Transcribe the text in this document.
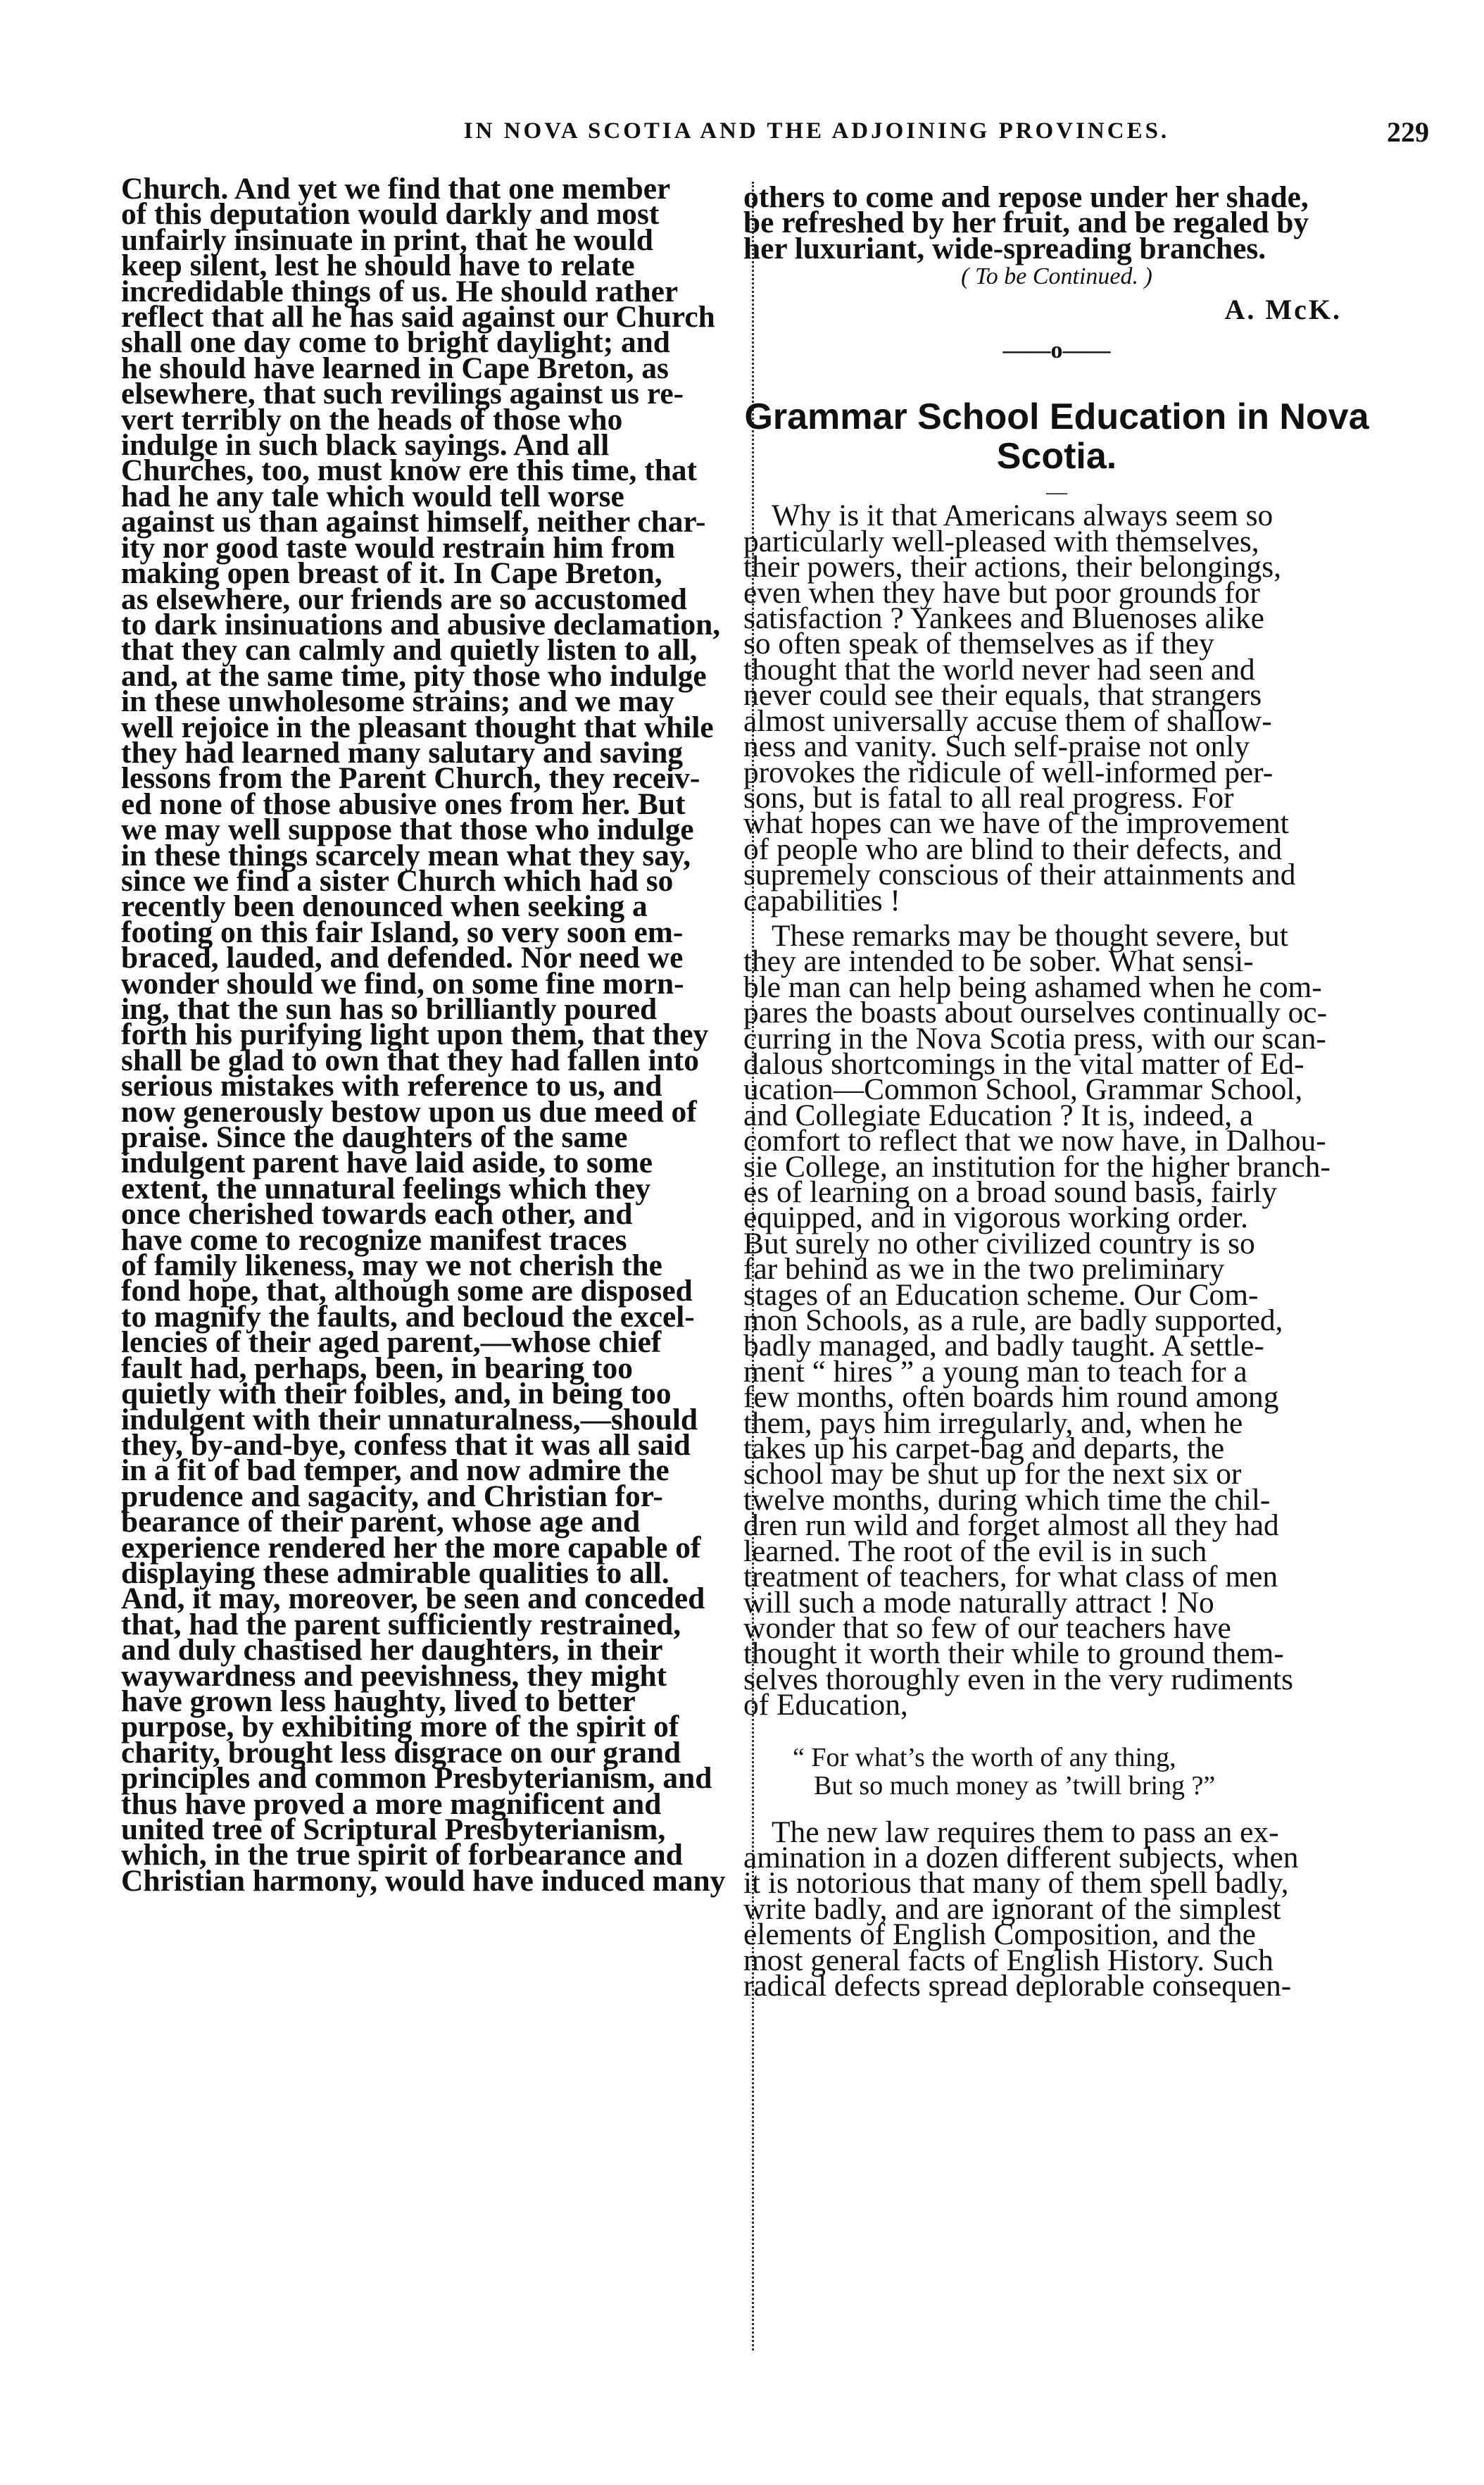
IN NOVA SCOTIA AND THE ADJOINING PROVINCES.	229
Church. And yet we find that one member
of this deputation would darkly and most
unfairly insinuate in print, that he would
keep silent, lest he should have to relate
incredidable things of us. He should rather
reflect that all he has said against our Church
shall one day come to bright daylight; and
he should have learned in Cape Breton, as
elsewhere, that such revilings against us re-
vert terribly on the heads of those who
indulge in such black sayings. And all
Churches, too, must know ere this time, that
had he any tale which would tell worse
against us than against himself, neither char-
ity nor good taste would restrain him from
making open breast of it. In Cape Breton,
as elsewhere, our friends are so accustomed
to dark insinuations and abusive declamation,
that they can calmly and quietly listen to all,
and, at the same time, pity those who indulge
in these unwholesome strains; and we may
well rejoice in the pleasant thought that while
they had learned many salutary and saving
lessons from the Parent Church, they receiv-
ed none of those abusive ones from her. But
we may well suppose that those who indulge
in these things scarcely mean what they say,
since we find a sister Church which had so
recently been denounced when seeking a
footing on this fair Island, so very soon em-
braced, lauded, and defended. Nor need we
wonder should we find, on some fine morn-
ing, that the sun has so brilliantly poured
forth his purifying light upon them, that they
shall be glad to own that they had fallen into
serious mistakes with reference to us, and
now generously bestow upon us due meed of
praise. Since the daughters of the same
indulgent parent have laid aside, to some
extent, the unnatural feelings which they
once cherished towards each other, and
have come to recognize manifest traces
of family likeness, may we not cherish the
fond hope, that, although some are disposed
to magnify the faults, and becloud the excel-
lencies of their aged parent,—whose chief
fault had, perhaps, been, in bearing too
quietly with their foibles, and, in being too
indulgent with their unnaturalness,—should
they, by-and-bye, confess that it was all said
in a fit of bad temper, and now admire the
prudence and sagacity, and Christian for-
bearance of their parent, whose age and
experience rendered her the more capable of
displaying these admirable qualities to all.
And, it may, moreover, be seen and conceded
that, had the parent sufficiently restrained,
and duly chastised her daughters, in their
waywardness and peevishness, they might
have grown less haughty, lived to better
purpose, by exhibiting more of the spirit of
charity, brought less disgrace on our grand
principles and common Presbyterianism, and
thus have proved a more magnificent and
united tree of Scriptural Presbyterianism,
which, in the true spirit of forbearance and
Christian harmony, would have induced many
others to come and repose under her shade,
be refreshed by her fruit, and be regaled by
her luxuriant, wide-spreading branches.
( To be Continued. )
A. McK.
——o——
Grammar School Education in Nova
Scotia.
—
Why is it that Americans always seem so
particularly well-pleased with themselves,
their powers, their actions, their belongings,
even when they have but poor grounds for
satisfaction ? Yankees and Bluenoses alike
so often speak of themselves as if they
thought that the world never had seen and
never could see their equals, that strangers
almost universally accuse them of shallow-
ness and vanity. Such self-praise not only
provokes the ridicule of well-informed per-
sons, but is fatal to all real progress. For
what hopes can we have of the improvement
of people who are blind to their defects, and
supremely conscious of their attainments and
capabilities !
These remarks may be thought severe, but
they are intended to be sober. What sensi-
ble man can help being ashamed when he com-
pares the boasts about ourselves continually oc-
curring in the Nova Scotia press, with our scan-
dalous shortcomings in the vital matter of Ed-
ucation—Common School, Grammar School,
and Collegiate Education ? It is, indeed, a
comfort to reflect that we now have, in Dalhou-
sie College, an institution for the higher branch-
es of learning on a broad sound basis, fairly
equipped, and in vigorous working order.
But surely no other civilized country is so
far behind as we in the two preliminary
stages of an Education scheme. Our Com-
mon Schools, as a rule, are badly supported,
badly managed, and badly taught. A settle-
ment “ hires ” a young man to teach for a
few months, often boards him round among
them, pays him irregularly, and, when he
takes up his carpet-bag and departs, the
school may be shut up for the next six or
twelve months, during which time the chil-
dren run wild and forget almost all they had
learned. The root of the evil is in such
treatment of teachers, for what class of men
will such a mode naturally attract ! No
wonder that so few of our teachers have
thought it worth their while to ground them-
selves thoroughly even in the very rudiments
of Education,
“ For what’s the worth of any thing,
But so much money as ’twill bring ?”
The new law requires them to pass an ex-
amination in a dozen different subjects, when
it is notorious that many of them spell badly,
write badly, and are ignorant of the simplest
elements of English Composition, and the
most general facts of English History. Such
radical defects spread deplorable consequen-
